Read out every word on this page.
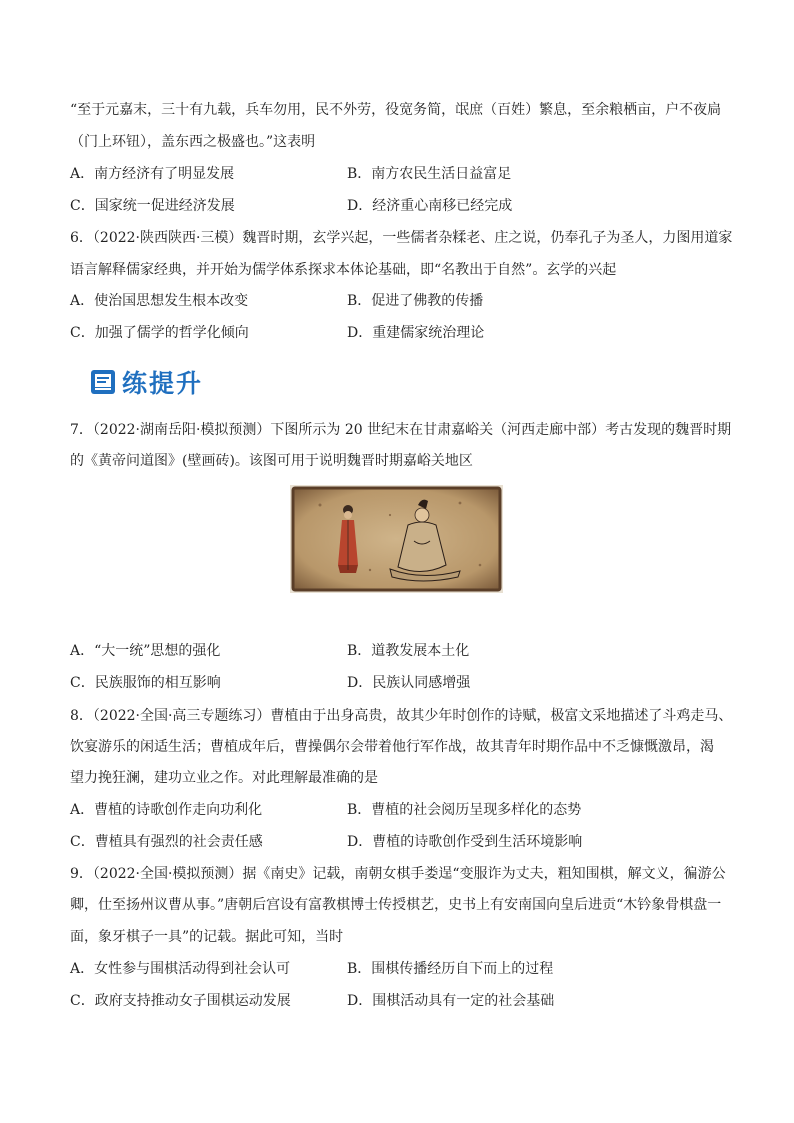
“至于元嘉末，三十有九载，兵车勿用，民不外劳，役宽务简，氓庶（百姓）繁息，至余粮栖亩，户不夜扃
（门上环钮），盖东西之极盛也。”这表明
A．南方经济有了明显发展	B．南方农民生活日益富足
C．国家统一促进经济发展	D．经济重心南移已经完成
6．（2022·陕西陕西·三模）魏晋时期，玄学兴起，一些儒者杂糅老、庄之说，仍奉孔子为圣人，力图用道家
语言解释儒家经典，并开始为儒学体系探求本体论基础，即“名教出于自然”。玄学的兴起
A．使治国思想发生根本改变	B．促进了佛教的传播
C．加强了儒学的哲学化倾向	D．重建儒家统治理论
练提升
7．（2022·湖南岳阳·模拟预测）下图所示为 20 世纪末在甘肃嘉峪关（河西走廊中部）考古发现的魏晋时期
的《黄帝问道图》(壁画砖)。该图可用于说明魏晋时期嘉峪关地区
A．“大一统”思想的强化	B．道教发展本土化
C．民族服饰的相互影响	D．民族认同感增强
8．（2022·全国·高三专题练习）曹植由于出身高贵，故其少年时创作的诗赋，极富文采地描述了斗鸡走马、
饮宴游乐的闲适生活；曹植成年后，曹操偶尔会带着他行军作战，故其青年时期作品中不乏慷慨激昂，渴
望力挽狂澜，建功立业之作。对此理解最准确的是
A．曹植的诗歌创作走向功利化	B．曹植的社会阅历呈现多样化的态势
C．曹植具有强烈的社会责任感	D．曹植的诗歌创作受到生活环境影响
9．（2022·全国·模拟预测）据《南史》记载，南朝女棋手娄逞“变服诈为丈夫，粗知围棋，解文义，徧游公
卿，仕至扬州议曹从事。”唐朝后宫设有富教棋博士传授棋艺，史书上有安南国向皇后进贡“木钤象骨棋盘一
面，象牙棋子一具”的记载。据此可知，当时
A．女性参与围棋活动得到社会认可	B．围棋传播经历自下而上的过程
C．政府支持推动女子围棋运动发展	D．围棋活动具有一定的社会基础
